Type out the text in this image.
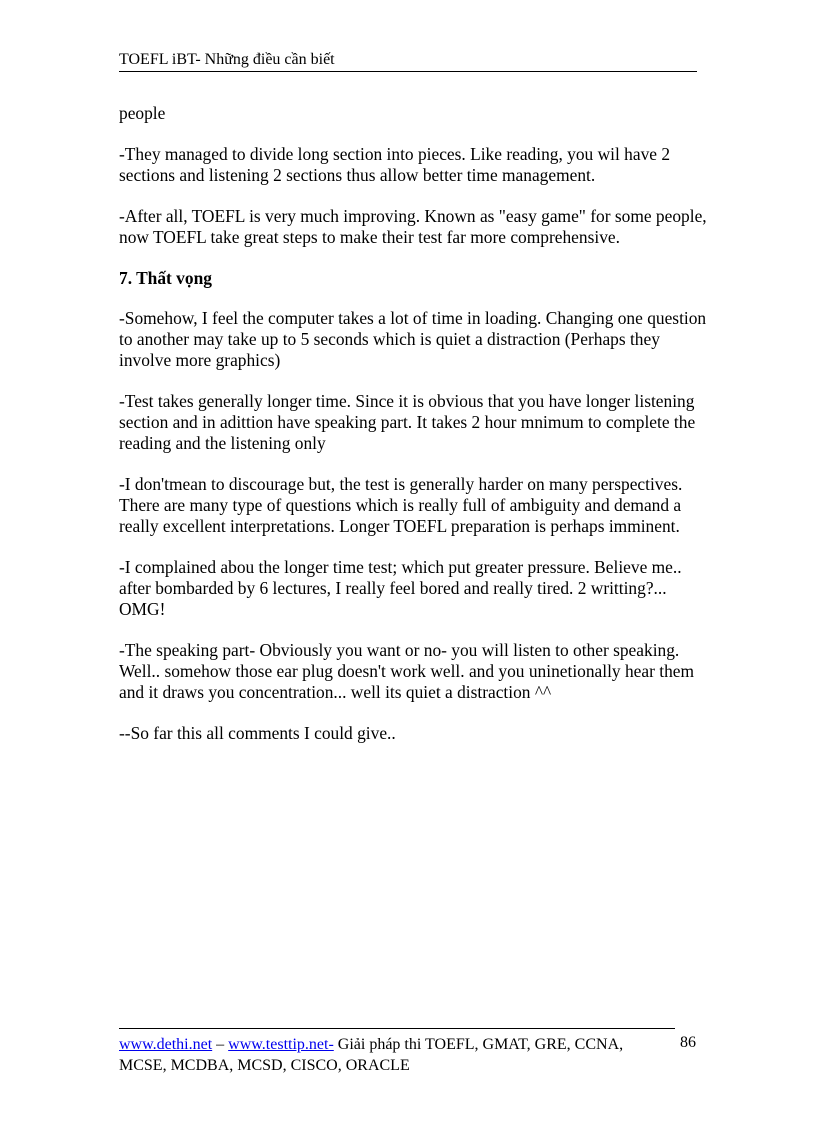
TOEFL iBT- Những điều cần biết

people

-They managed to divide long section into pieces. Like reading, you wil have 2 sections and listening 2 sections thus allow better time management.

-After all, TOEFL is very much improving. Known as "easy game" for some people, now TOEFL take great steps to make their test far more comprehensive.

7. Thất vọng

-Somehow, I feel the computer takes a lot of time in loading. Changing one question to another may take up to 5 seconds which is quiet a distraction (Perhaps they involve more graphics)

-Test takes generally longer time. Since it is obvious that you have longer listening section and in adittion have speaking part. It takes 2 hour mnimum to complete the reading and the listening only

-I don'tmean to discourage but, the test is generally harder on many perspectives. There are many type of questions which is really full of ambiguity and demand a really excellent interpretations. Longer TOEFL preparation is perhaps imminent.

-I complained abou the longer time test; which put greater pressure. Believe me..
after bombarded by 6 lectures, I really feel bored and really tired. 2 writting?...
OMG!

-The speaking part- Obviously you want or no- you will listen to other speaking. Well.. somehow those ear plug doesn't work well. and you uninetionally hear them and it draws you concentration... well its quiet a distraction ^^

--So far this all comments I could give..

www.dethi.net – www.testtip.net- Giải pháp thi TOEFL, GMAT, GRE, CCNA, MCSE, MCDBA, MCSD, CISCO, ORACLE
86
